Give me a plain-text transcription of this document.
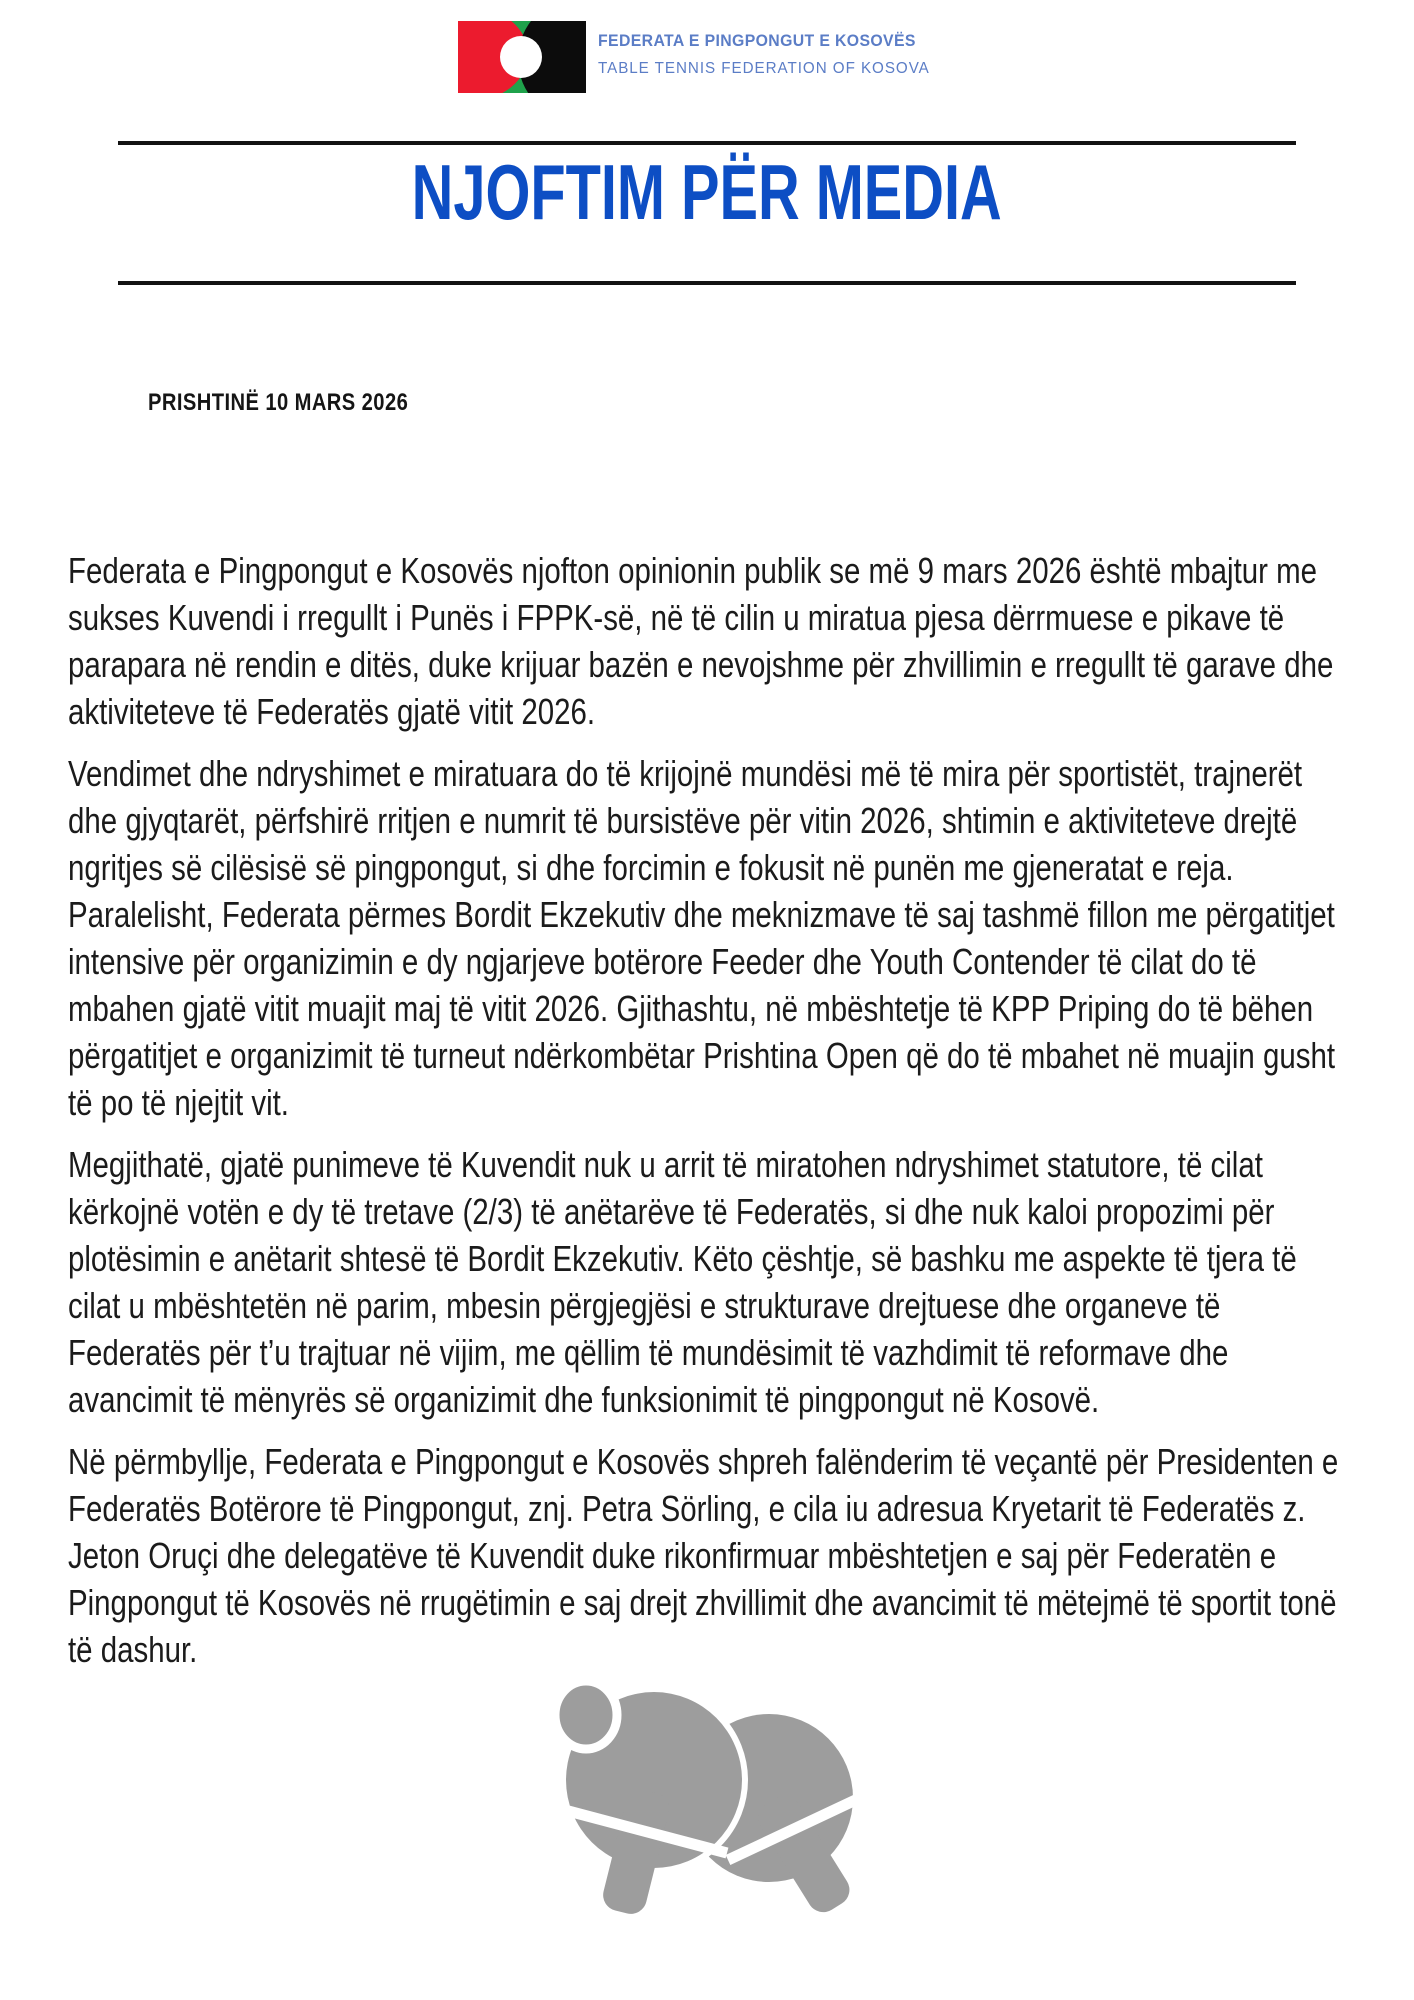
FEDERATA E PINGPONGUT E KOSOVËS
TABLE TENNIS FEDERATION OF KOSOVA
NJOFTIM PËR MEDIA
PRISHTINË 10 MARS 2026

Federata e Pingpongut e Kosovës njofton opinionin publik se më 9 mars 2026 është mbajtur me sukses Kuvendi i rregullt i Punës i FPPK-së, në të cilin u miratua pjesa dërrmuese e pikave të parapara në rendin e ditës, duke krijuar bazën e nevojshme për zhvillimin e rregullt të garave dhe aktiviteteve të Federatës gjatë vitit 2026.

Vendimet dhe ndryshimet e miratuara do të krijojnë mundësi më të mira për sportistët, trajnerët dhe gjyqtarët, përfshirë rritjen e numrit të bursistëve për vitin 2026, shtimin e aktiviteteve drejtë ngritjes së cilësisë së pingpongut, si dhe forcimin e fokusit në punën me gjeneratat e reja. Paralelisht, Federata përmes Bordit Ekzekutiv dhe meknizmave të saj tashmë fillon me përgatitjet intensive për organizimin e dy ngjarjeve botërore Feeder dhe Youth Contender të cilat do të mbahen gjatë vitit muajit maj të vitit 2026. Gjithashtu, në mbështetje të KPP Priping do të bëhen përgatitjet e organizimit të turneut ndërkombëtar Prishtina Open që do të mbahet në muajin gusht të po të njejtit vit.

Megjithatë, gjatë punimeve të Kuvendit nuk u arrit të miratohen ndryshimet statutore, të cilat kërkojnë votën e dy të tretave (2/3) të anëtarëve të Federatës, si dhe nuk kaloi propozimi për plotësimin e anëtarit shtesë të Bordit Ekzekutiv. Këto çështje, së bashku me aspekte të tjera të cilat u mbështetën në parim, mbesin përgjegjësi e strukturave drejtuese dhe organeve të Federatës për t’u trajtuar në vijim, me qëllim të mundësimit të vazhdimit të reformave dhe avancimit të mënyrës së organizimit dhe funksionimit të pingpongut në Kosovë.

Në përmbyllje, Federata e Pingpongut e Kosovës shpreh falënderim të veçantë për Presidenten e Federatës Botërore të Pingpongut, znj. Petra Sörling, e cila iu adresua Kryetarit të Federatës z. Jeton Oruçi dhe delegatëve të Kuvendit duke rikonfirmuar mbështetjen e saj për Federatën e Pingpongut të Kosovës në rrugëtimin e saj drejt zhvillimit dhe avancimit të mëtejmë të sportit tonë të dashur.
